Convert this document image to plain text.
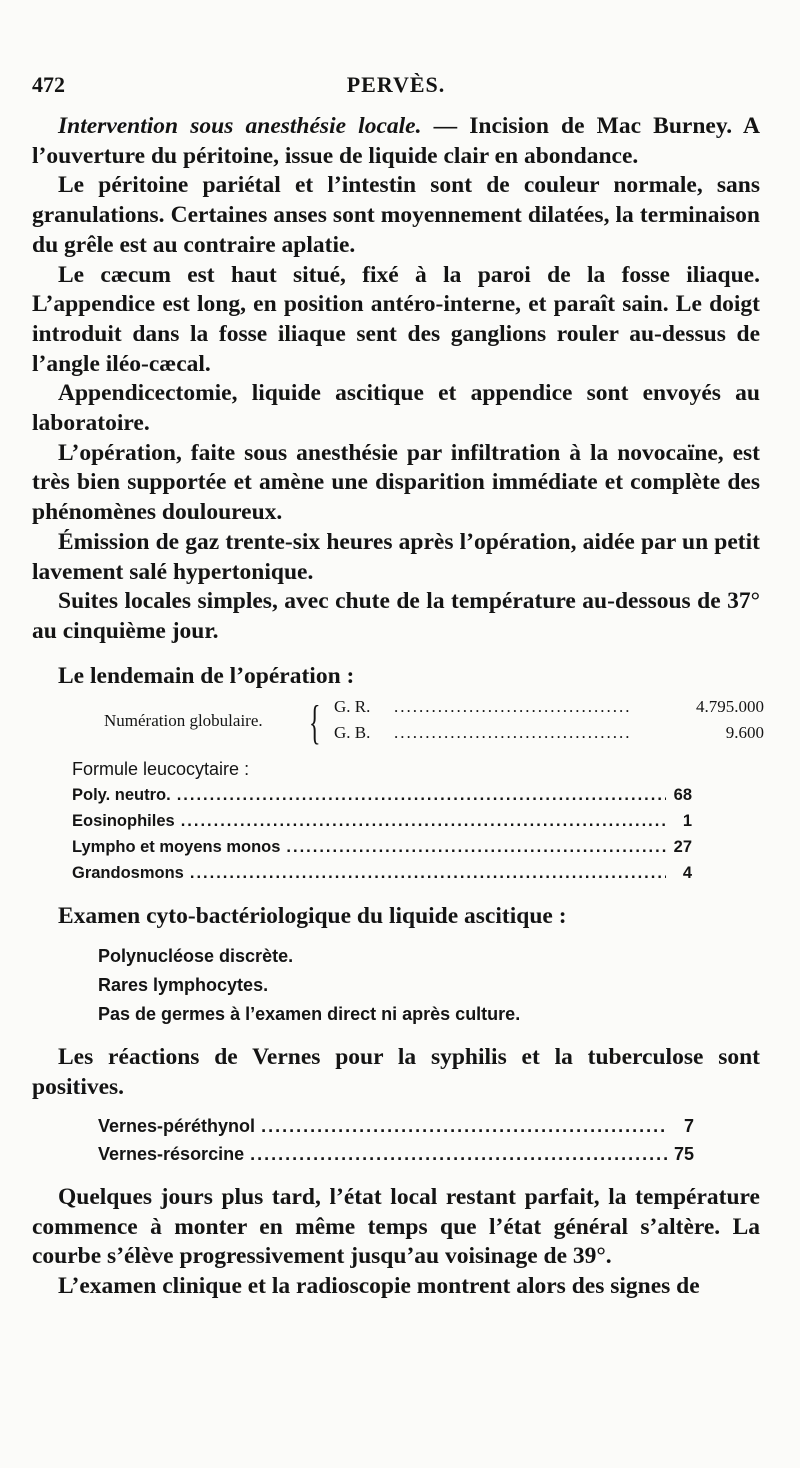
472	PERVÈS.

Intervention sous anesthésie locale. — Incision de Mac Burney. A l’ouverture du péritoine, issue de liquide clair en abondance.

Le péritoine pariétal et l’intestin sont de couleur normale, sans granulations. Certaines anses sont moyennement dilatées, la terminaison du grêle est au contraire aplatie.

Le cæcum est haut situé, fixé à la paroi de la fosse iliaque. L’appendice est long, en position antéro-interne, et paraît sain. Le doigt introduit dans la fosse iliaque sent des ganglions rouler au-dessus de l’angle iléo-cæcal.

Appendicectomie, liquide ascitique et appendice sont envoyés au laboratoire.

L’opération, faite sous anesthésie par infiltration à la novocaïne, est très bien supportée et amène une disparition immédiate et complète des phénomènes douloureux.

Émission de gaz trente-six heures après l’opération, aidée par un petit lavement salé hypertonique.

Suites locales simples, avec chute de la température au-dessous de 37° au cinquième jour.

Le lendemain de l’opération :

Numération globulaire. { G. R. .....	4.795.000
G. B. .....	9.600
Formule leucocytaire :
Poly. neutro. .....	68
Eosinophiles .....	1
Lympho et moyens monos .....	27
Grandosmons .....	4

Examen cyto-bactériologique du liquide ascitique :

Polynucléose discrète.
Rares lymphocytes.
Pas de germes à l’examen direct ni après culture.

Les réactions de Vernes pour la syphilis et la tuberculose sont positives.

Vernes-péréthynol .....	7
Vernes-résorcine .....	75

Quelques jours plus tard, l’état local restant parfait, la température commence à monter en même temps que l’état général s’altère. La courbe s’élève progressivement jusqu’au voisinage de 39°.

L’examen clinique et la radioscopie montrent alors des signes de
